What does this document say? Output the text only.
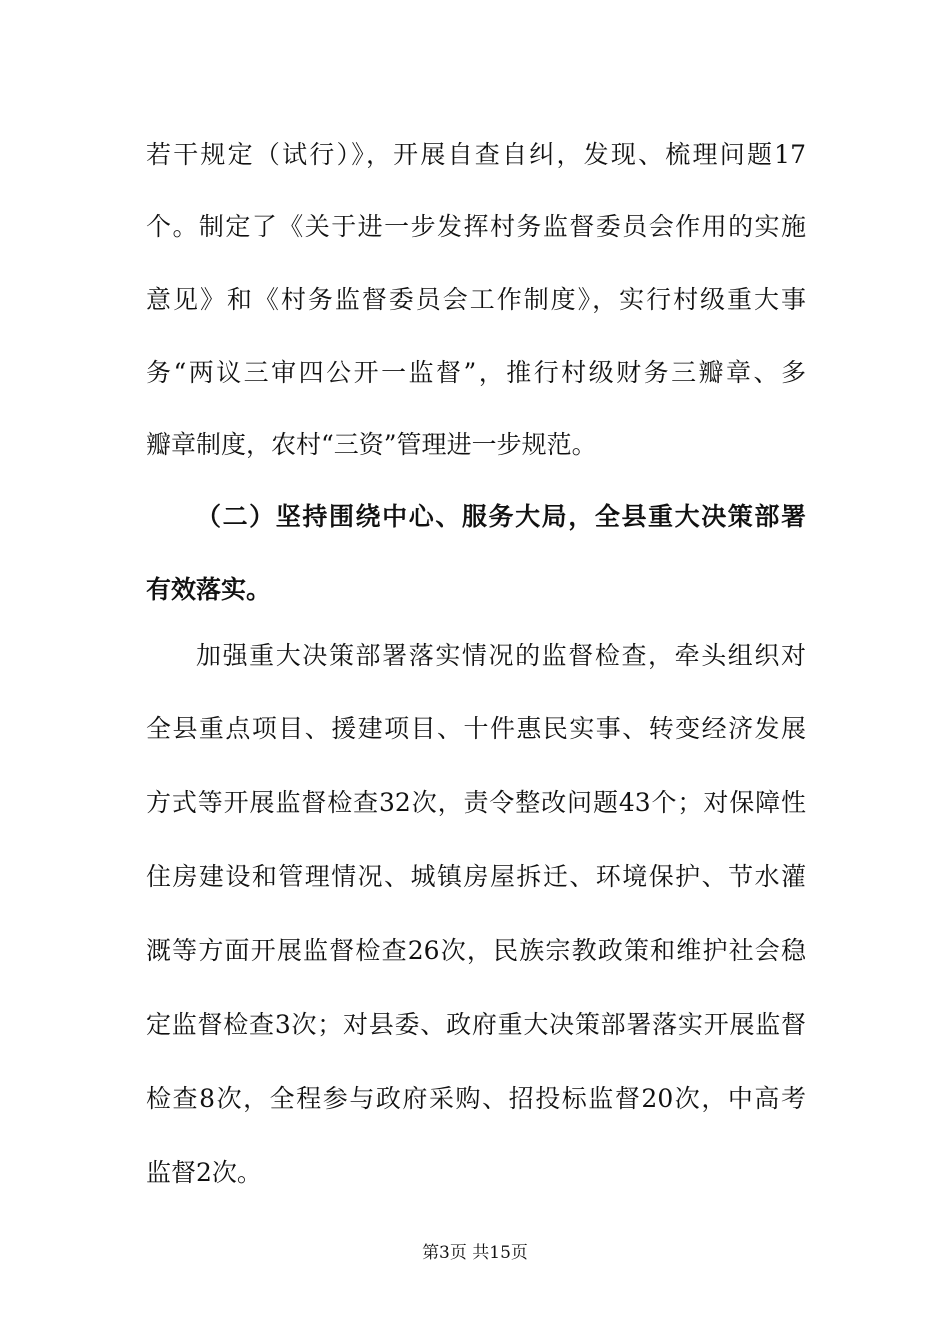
若干规定（试行）》，开展自查自纠，发现、梳理问题17
个。制定了《关于进一步发挥村务监督委员会作用的实施
意见》和《村务监督委员会工作制度》，实行村级重大事
务“两议三审四公开一监督”，推行村级财务三瓣章、多
瓣章制度，农村“三资”管理进一步规范。
（二）坚持围绕中心、服务大局，全县重大决策部署
有效落实。
加强重大决策部署落实情况的监督检查，牵头组织对
全县重点项目、援建项目、十件惠民实事、转变经济发展
方式等开展监督检查32次，责令整改问题43个；对保障性
住房建设和管理情况、城镇房屋拆迁、环境保护、节水灌
溉等方面开展监督检查26次，民族宗教政策和维护社会稳
定监督检查3次；对县委、政府重大决策部署落实开展监督
检查8次，全程参与政府采购、招投标监督20次，中高考
监督2次。
第3页 共15页
